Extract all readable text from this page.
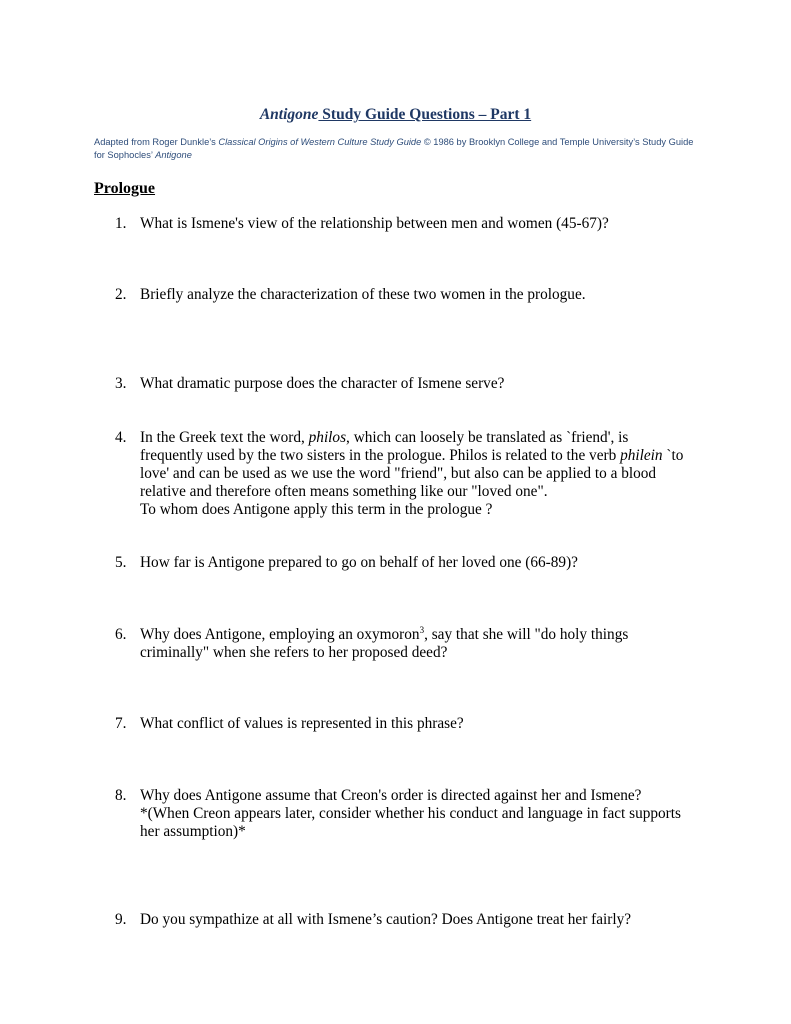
Antigone Study Guide Questions – Part 1
Adapted from Roger Dunkle’s Classical Origins of Western Culture Study Guide © 1986 by Brooklyn College and Temple University’s Study Guide for Sophocles’ Antigone
Prologue
1. What is Ismene's view of the relationship between men and women (45-67)?
2. Briefly analyze the characterization of these two women in the prologue.
3. What dramatic purpose does the character of Ismene serve?
4. In the Greek text the word, philos, which can loosely be translated as `friend', is
frequently used by the two sisters in the prologue. Philos is related to the verb philein `to
love' and can be used as we use the word "friend", but also can be applied to a blood
relative and therefore often means something like our "loved one".
To whom does Antigone apply this term in the prologue ?
5. How far is Antigone prepared to go on behalf of her loved one (66-89)?
6. Why does Antigone, employing an oxymoron$^3$, say that she will "do holy things
criminally" when she refers to her proposed deed?
7. What conflict of values is represented in this phrase?
8. Why does Antigone assume that Creon's order is directed against her and Ismene?
*(When Creon appears later, consider whether his conduct and language in fact supports
her assumption)*
9. Do you sympathize at all with Ismene’s caution? Does Antigone treat her fairly?
